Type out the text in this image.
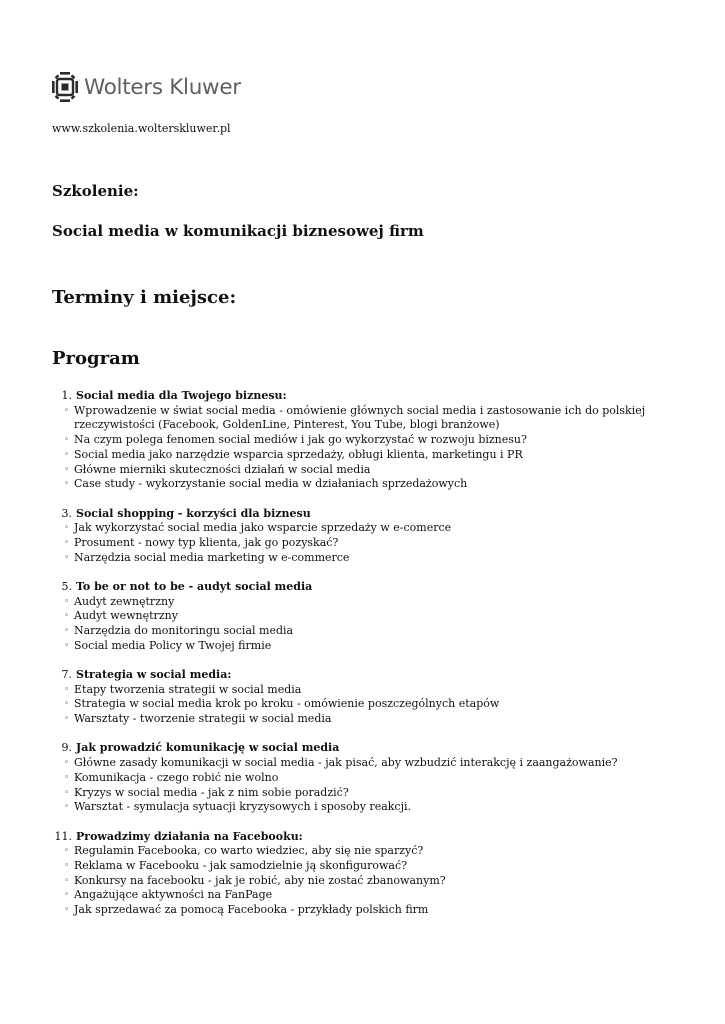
Wolters Kluwer
www.szkolenia.wolterskluwer.pl
Szkolenie:
Social media w komunikacji biznesowej firm
Terminy i miejsce:
Program
1. Social media dla Twojego biznesu:
◦ Wprowadzenie w świat social media - omówienie głównych social media i zastosowanie ich do polskiej rzeczywistości (Facebook, GoldenLine, Pinterest, You Tube, blogi branżowe)
◦ Na czym polega fenomen social mediów i jak go wykorzystać w rozwoju biznesu?
◦ Social media jako narzędzie wsparcia sprzedaży, obługi klienta, marketingu i PR
◦ Główne mierniki skuteczności działań w social media
◦ Case study - wykorzystanie social media w działaniach sprzedażowych
3. Social shopping - korzyści dla biznesu
◦ Jak wykorzystać social media jako wsparcie sprzedaży w e-comerce
◦ Prosument - nowy typ klienta, jak go pozyskać?
◦ Narzędzia social media marketing w e-commerce
5. To be or not to be - audyt social media
◦ Audyt zewnętrzny
◦ Audyt wewnętrzny
◦ Narzędzia do monitoringu social media
◦ Social media Policy w Twojej firmie
7. Strategia w social media:
◦ Etapy tworzenia strategii w social media
◦ Strategia w social media krok po kroku - omówienie poszczególnych etapów
◦ Warsztaty - tworzenie strategii w social media
9. Jak prowadzić komunikację w social media
◦ Główne zasady komunikacji w social media - jak pisać, aby wzbudzić interakcję i zaangażowanie?
◦ Komunikacja - czego robić nie wolno
◦ Kryzys w social media - jak z nim sobie poradzić?
◦ Warsztat - symulacja sytuacji kryzysowych i sposoby reakcji.
11. Prowadzimy działania na Facebooku:
◦ Regulamin Facebooka, co warto wiedziec, aby się nie sparzyć?
◦ Reklama w Facebooku - jak samodzielnie ją skonfigurować?
◦ Konkursy na facebooku - jak je robić, aby nie zostać zbanowanym?
◦ Angażujące aktywności na FanPage
◦ Jak sprzedawać za pomocą Facebooka - przykłady polskich firm
